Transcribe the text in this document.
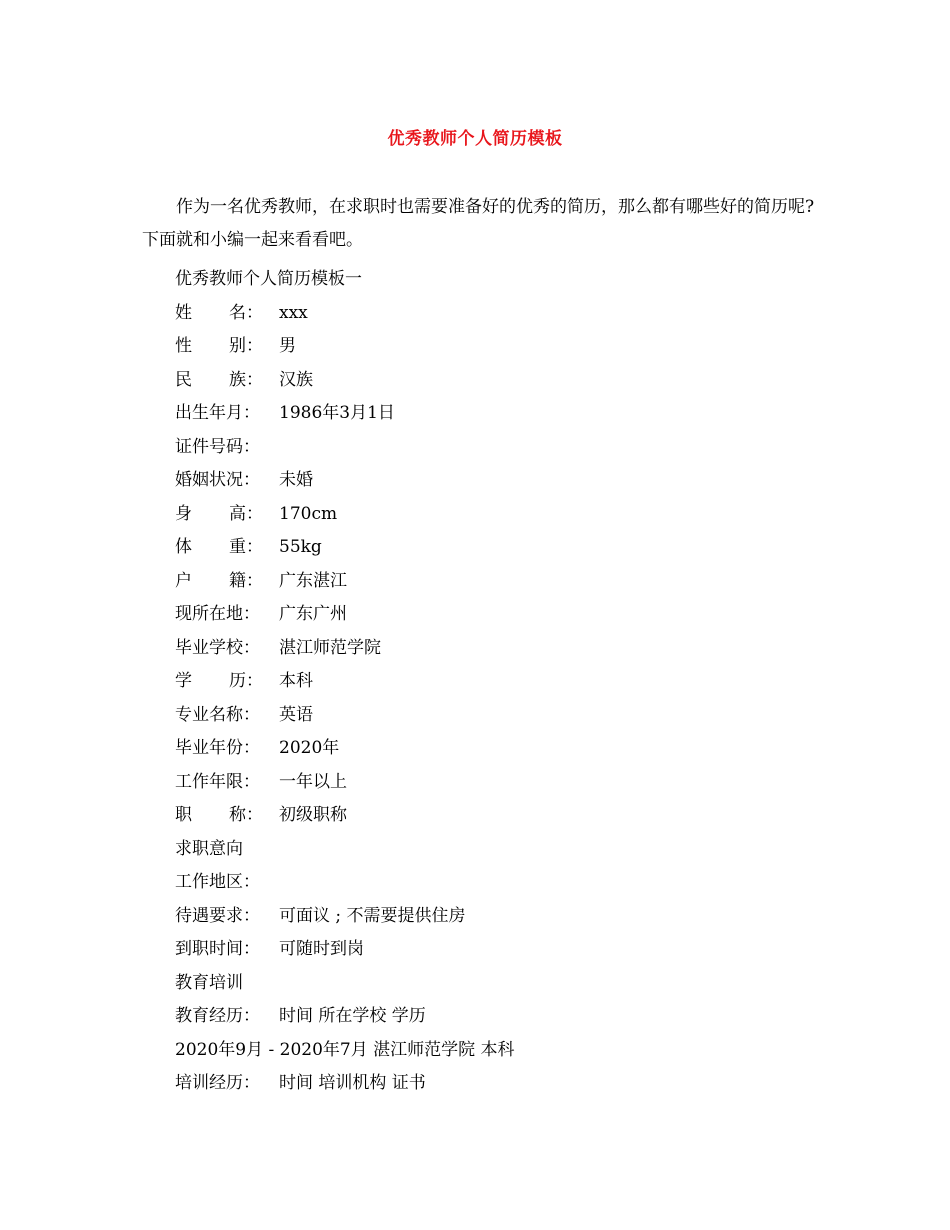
优秀教师个人简历模板
作为一名优秀教师，在求职时也需要准备好的优秀的简历，那么都有哪些好的简历呢?下面就和小编一起来看看吧。
优秀教师个人简历模板一
姓 名： xxx
性 别： 男
民 族： 汉族
出生年月：	1986年3月1日
证件号码：
婚姻状况：	未婚
身 高： 170cm
体 重： 55kg
户 籍： 广东湛江
现所在地：	广东广州
毕业学校：	湛江师范学院
学 历： 本科
专业名称：	英语
毕业年份：	2020年
工作年限：	一年以上
职 称： 初级职称
求职意向
工作地区：
待遇要求：	可面议 ; 不需要提供住房
到职时间：	可随时到岗
教育培训
教育经历：	时间 所在学校 学历
2020年9月 - 2020年7月 湛江师范学院 本科
培训经历：	时间 培训机构 证书
